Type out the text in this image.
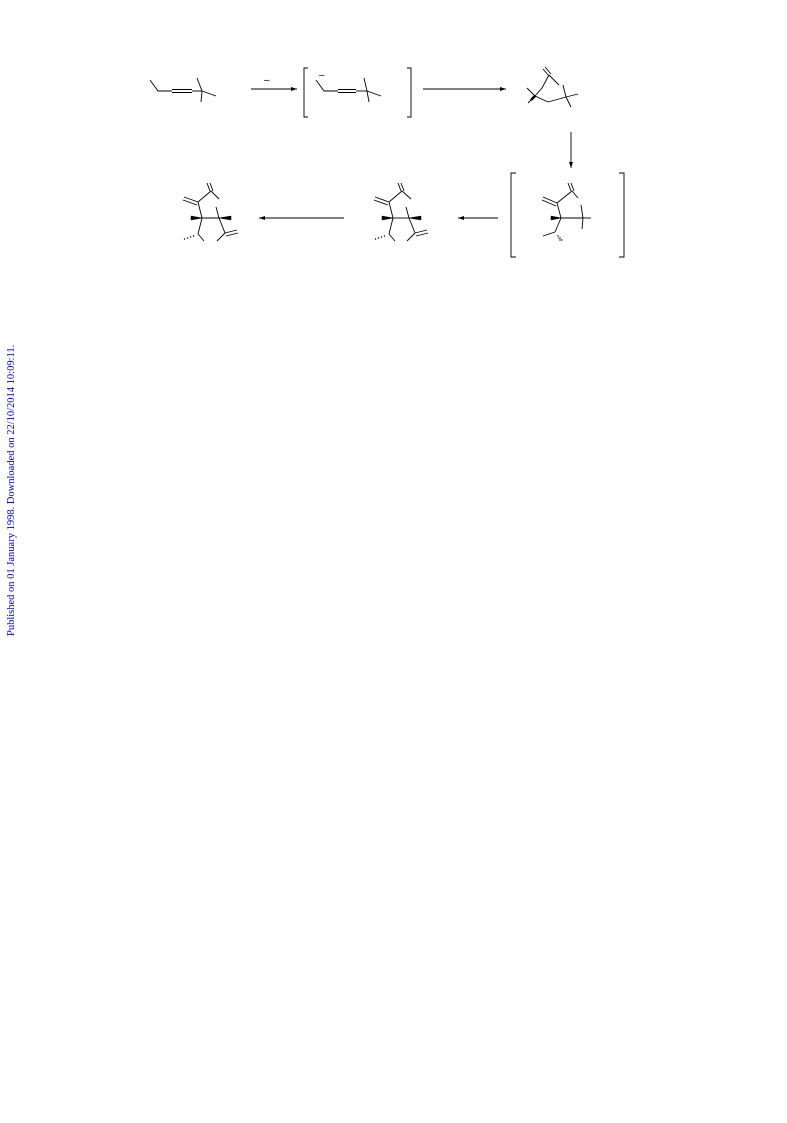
–	–
Published on 01 January 1998. Downloaded on 22/10/2014 10:09:11.
